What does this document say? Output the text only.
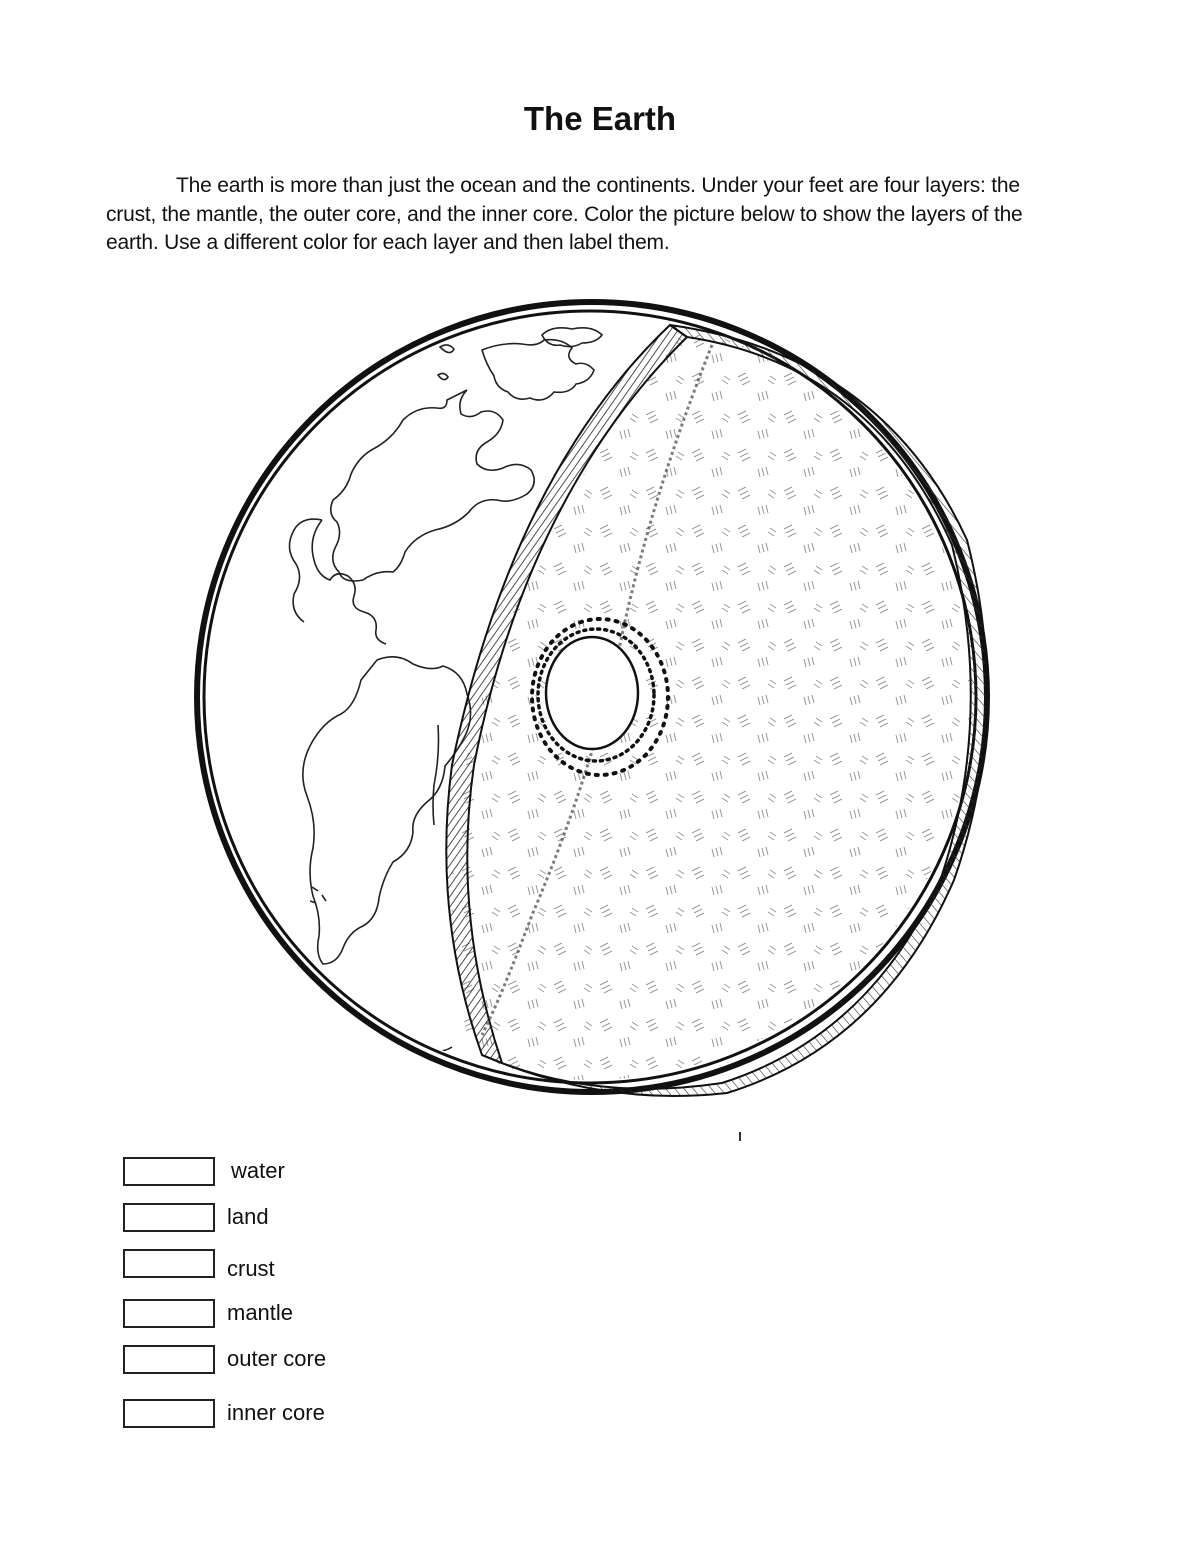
The Earth

The earth is more than just the ocean and the continents. Under your feet are four layers: the crust, the mantle, the outer core, and the inner core. Color the picture below to show the layers of the earth. Use a different color for each layer and then label them.

water
land
crust
mantle
outer core
inner core
